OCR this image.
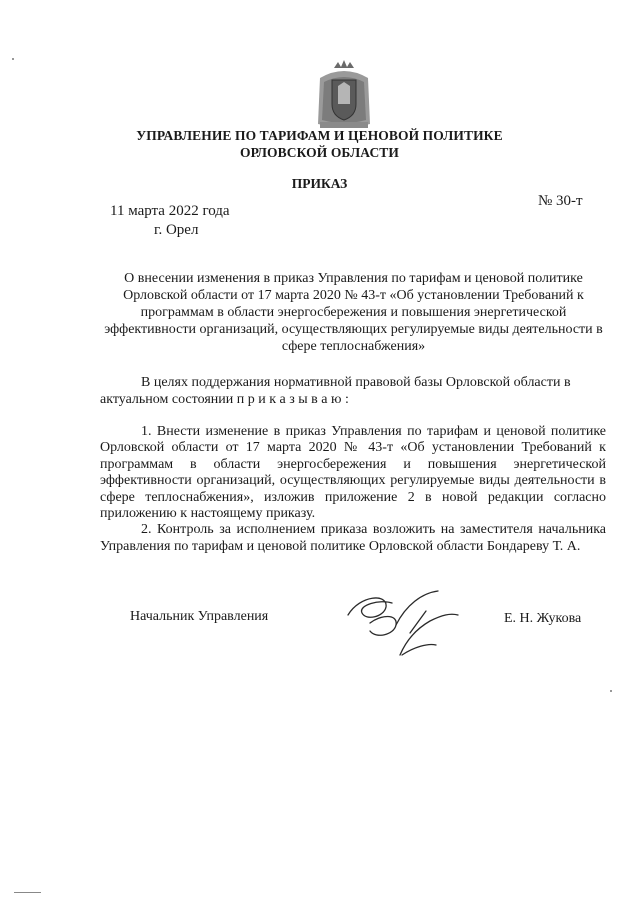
УПРАВЛЕНИЕ ПО ТАРИФАМ И ЦЕНОВОЙ ПОЛИТИКЕ
ОРЛОВСКОЙ ОБЛАСТИ
ПРИКАЗ
№ 30-т
11 марта 2022 года
г. Орел
О внесении изменения в приказ Управления по тарифам и ценовой политике Орловской области от 17 марта 2020 № 43-т «Об установлении Требований к программам в области энергосбережения и повышения энергетической эффективности организаций, осуществляющих регулируемые виды деятельности в сфере теплоснабжения»
В целях поддержания нормативной правовой базы Орловской области в актуальном состоянии п р и к а з ы в а ю :

1. Внести изменение в приказ Управления по тарифам и ценовой политике Орловской области от 17 марта 2020 № 43-т «Об установлении Требований к программам в области энергосбережения и повышения энергетической эффективности организаций, осуществляющих регулируемые виды деятельности в сфере теплоснабжения», изложив приложение 2 в новой редакции согласно приложению к настоящему приказу.

2. Контроль за исполнением приказа возложить на заместителя начальника Управления по тарифам и ценовой политике Орловской области Бондареву Т. А.

Начальник Управления	Е. Н. Жукова
